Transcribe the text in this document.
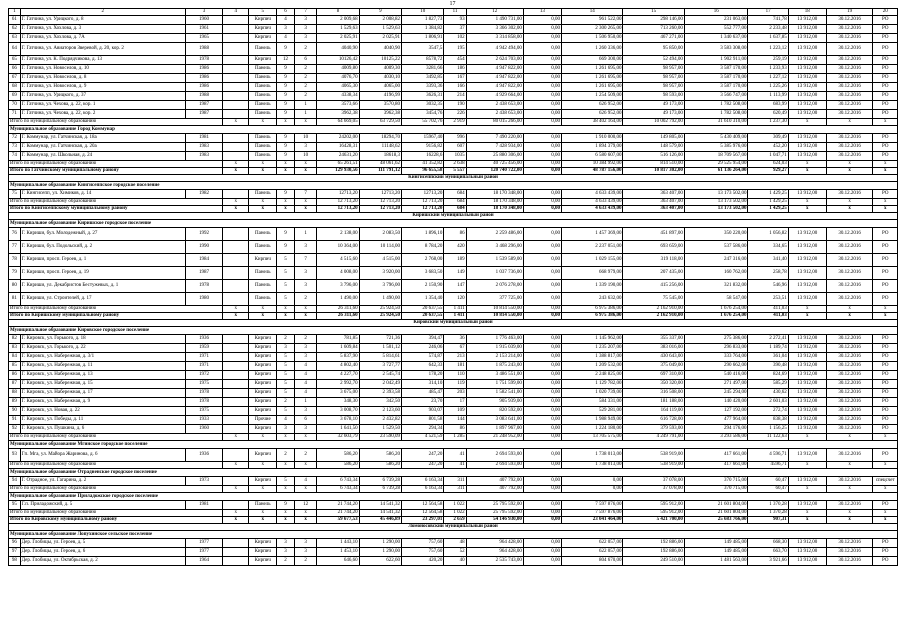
17
1	2	3	4	5	6	7	8	9	10	11	12	13	14	15	16	17	18	19	20
61	Г. Гатчина, ул. Урицкого, д. 8	1960		Кирпич	4	3	2 009,68	2 008,82	1 827,73	93	1 490 731,00	0,00	961 522,00	298 146,00	231 063,00	741,78	13 912,00	30.12.2016	РО
62	Г. Гатчина, ул. Хохлова, д. 3	1961		Кирпич	3	3	1 529,63	1 529,63	1 384,82	37	3 366 302,00	0,00	2 300 265,00	713 260,00	552 777,00	2 233,48	13 912,00	30.12.2016	РО
63	Г. Гатчина, ул. Хохлова, д. 7А	1965		Кирпич	4	3	2 025,91	2 025,91	1 806,91	102	3 314 858,00	0,00	1 506 950,00	467 271,00	1 340 637,00	1 637,85	13 912,00	30.12.2016	РО
64	Г. Гатчина, ул. Авиаторов Зверевой, д. 20, кор. 2	1988		Панель	9	2	4040,90	4040,90	3547,5	195	4 942 494,00	0,00	1 260 336,00	95 850,00	3 583 308,00	1 223,12	13 912,00	30.12.2016	РО
65	Г. Гатчина, ул. К. Подрядчикова, д. 13	1978		Кирпич	12	6	10126,42	10125,22	8578,72	454	2 624 703,00	0,00	669 300,00	52 494,00	1 902 911,00	259,19	13 912,00	30.12.2016	РО
66	Г. Гатчина, ул. Новоселов, д. 10	1986		Панель	9	2	4009,80	4009,30	3281,66	186	4 947 822,00	0,00	1 261 695,00	98 957,00	3 587 170,00	1 233,93	13 912,00	30.12.2016	РО
67	Г. Гатчина, ул. Новоселов, д. 8	1986		Панель	9	2	4076,70	4030,10	3492,85	167	4 947 822,00	0,00	1 261 695,00	98 957,00	3 587 170,00	1 227,12	13 912,00	30.12.2016	РО
68	Г. Гатчина, ул. Новоселов, д. 9	1986		Панель	9	2	4065,30	4065,00	3393,36	166	4 947 822,00	0,00	1 261 695,00	98 957,00	3 587 170,00	1 225,26	13 912,00	30.12.2016	РО
69	Г. Гатчина, ул. Урицкого, д. 37	1988		Панель	9	2	4338,34	4196,99	3626,31	214	4 929 664,00	0,00	1 254 509,00	98 593,00	3 566 747,00	1 113,99	13 912,00	30.12.2016	РО
70	Г. Гатчина, ул. Чехова, д. 22, кор. 1	1987		Панель	9	1	3573,66	3570,80	3032,35	190	2 438 653,00	0,00	626 952,00	49 173,00	1 782 508,00	683,99	13 912,00	30.12.2016	РО
71	Г. Гатчина, ул. Чехова, д. 22, кор. 2	1987		Панель	9	1	3962,38	3962,38	3454,76	226	2 438 653,00	0,00	626 952,00	49 173,00	1 782 508,00	620,49	13 912,00	30.12.2016	РО
Итого по муниципальному образованию			x	x	x	x	64 669,05	63 729,50	55 702,76	2 919	80 015 266,00	0,00	38 402 164,00	10 002 792,00	31 610 310,00	1 237,30	x	x	x
Муниципальное образование Город Коммунар																			
72	Г. Коммунар, ул. Гатчинская, д. 18а	1981		Панель	9	10	24202,00	18294,70	15967,40	996	7 490 220,00	0,00	1 910 000,00	149 805,00	5 430 409,00	309,49	13 912,00	30.12.2016	РО
73	Г. Коммунар, ул. Гатчинская, д. 20а	1983		Панель	9	3	16428,31	11148,62	9156,82	607	7 428 934,00	0,00	1 894 379,00	148 579,00	5 385 976,00	452,20	13 912,00	30.12.2016	РО
74	Г. Коммунар, ул. Школьная, д. 24	1983		Панель	9	10	24631,20	18618,3	16228,6	1035	25 880 306,00	0,00	6 580 607,00	516 126,00	18 709 567,00	1 047,71	13 912,00	30.12.2016	РО
Итого по муниципальному образованию			x	x	x	x	65 261,51	48 061,62	41 352,82	2 638	40 725 456,00	0,00	10 384 992,00	814 510,00	29 525 954,00	624,03	x	x	x
Итого по Гатчинскому муниципальному району			x	x	x	x	129 930,56	111 791,12	96 655,58	5 557	120 740 722,00	0,00	48 787 156,00	10 817 302,00	61 136 264,00	929,27	x	x	x
Кингисеппский муниципальный район																			
Муниципальное образование Кингисеппское городское поселение																			
75	Г. Кингисепп, ул. Химиков, д. 14	1982		Панель	9	7	12713,20	12713,20	12713,20	684	18 170 348,00	0,00	4 633 439,00	363 407,00	13 173 502,00	1 429,25	13 912,00	30.12.2016	РО
Итого по муниципальному образованию			x	x	x	x	12 713,20	12 713,20	12 713,20	684	18 170 348,00	0,00	4 633 439,00	363 407,00	13 173 502,00	1 429,25	x	x	x
Итого по Кингисеппскому муниципальному району			x	x	x	x	12 713,20	12 713,20	12 713,20	684	18 170 348,00	0,00	4 633 439,00	363 407,00	13 173 502,00	1 429,25	x	x	x
Киришский муниципальный район																			
Муниципальное образование Киришское городское поселение																			
76	Г. Кириши, бул. Молодежный, д. 27	1992		Панель	9	1	2 138,00	2 083,50	1 896,10	86	2 259 486,00	0,00	1 457 369,00	451 897,00	350 220,00	1 056,82	13 912,00	30.12.2016	РО
77	Г. Кириши, бул. Подольский, д. 2	1990		Панель	9	3	10 364,00	10 114,00	8 784,20	420	3 468 296,00	0,00	2 237 051,00	693 659,00	537 586,00	334,65	13 912,00	30.12.2016	РО
78	Г. Кириши, просп. Героев, д. 1	1984		Кирпич	5	7	4 515,60	4 515,00	2 768,00	189	1 539 589,00	0,00	1 029 155,00	319 118,00	247 316,00	341,40	13 912,00	30.12.2016	РО
79	Г. Кириши, просп. Героев, д. 19	1987		Панель	5	3	4 008,00	3 920,00	3 683,50	149	1 037 736,00	0,00	668 979,00	207 435,00	160 762,00	258,78	13 912,00	30.12.2016	РО
80	Г. Кириши, ул. Декабристов Бестужевых, д. 1	1978		Панель	5	3	3 796,00	3 796,00	2 150,90	147	2 076 278,00	0,00	1 339 190,00	415 256,00	321 832,00	546,96	13 912,00	30.12.2016	РО
81	Г. Кириши, ул. Строителей, д. 17	1980		Панель	5	2	1 490,00	1 490,00	1 354,40	120	377 725,00	0,00	243 632,00	75 545,00	58 547,00	253,51	13 912,00	30.12.2016	РО
Итого по муниципальному образованию			x	x	x	x	26 311,60	25 924,50	20 637,55	1 411	10 814 550,00	0,00	6 975 386,00	2 162 910,00	1 676 254,00	411,03	x	x	x
Итого по Киришскому муниципальному району			x	x	x	x	26 311,60	25 924,50	20 637,55	1 411	10 814 550,00	0,00	6 975 386,00	2 162 910,00	1 676 254,00	411,03	x	x	x
Кировский муниципальный район																			
Муниципальное образование Кировское городское поселение																			
82	Г. Кировск, ул. Горького, д. 18	1936		Кирпич	2	2	781,85	721,36	394,47	36	1 776 463,00	0,00	1 145 962,00	355 337,00	275 386,00	2 272,41	13 912,00	30.12.2016	РО
83	Г. Кировск, ул. Горького, д. 22	1959		Кирпич	3	3	1 609,84	1 501,12	246,06	67	1 915 039,00	0,00	1 235 207,00	383 016,00	296 833,00	1 189,74	13 912,00	30.12.2016	РО
84	Г. Кировск, ул. Набережная, д. 3/1	1971		Кирпич	5	3	5 837,90	5 814,61	574,87	213	2 153 214,00	0,00	1 388 817,00	430 643,00	333 764,00	361,04	13 912,00	30.12.2016	РО
85	Г. Кировск, ул. Набережная, д. 11	1971		Кирпич	5	4	4 802,40	3 727,77	642,33	181	1 875 243,00	0,00	1 209 532,00	375 049,00	290 662,00	390,48	13 912,00	30.12.2016	РО
86	Г. Кировск, ул. Набережная, д. 13	1972		Кирпич	5	4	4 227,70	2 545,74	178,20	110	3 486 551,00	0,00	2 248 825,00	697 310,00	540 416,00	824,69	13 912,00	30.12.2016	РО
87	Г. Кировск, ул. Набережная, д. 15	1975		Кирпич	5	4	2 992,70	2 042,49	314,10	119	1 751 599,00	0,00	1 129 782,00	350 320,00	271 497,00	585,29	13 912,00	30.12.2016	РО
88	Г. Кировск, ул. Набережная, д. 17	1978		Кирпич	5	4	3 675,00	2 393,58	485,47	203	1 582 541,00	0,00	1 020 739,00	316 508,00	245 294,00	430,62	13 912,00	30.12.2016	РО
89	Г. Кировск, ул. Набережная, д. 9	1978		Кирпич	2	1	348,30	342,50	23,70	17	905 939,00	0,00	584 331,00	181 188,00	140 420,00	2 601,03	13 912,00	30.12.2016	РО
90	Г. Кировск, ул. Новая, д. 22	1975		Кирпич	5	3	3 008,70	2 123,60	903,07	109	820 592,00	0,00	529 281,00	164 119,00	127 192,00	272,74	13 912,00	30.12.2016	РО
91	Г. Кировск, ул. Победы, д. 11	1933		Прочие	4	6	3 678,10	2 432,82	801,58	144	3 083 641,00	0,00	1 988 949,00	616 728,00	477 964,00	838,38	13 912,00	30.12.2016	РО
92	Г. Кировск, ул. Пушкина, д. 6	1960		Кирпич	3	3	1 641,50	1 529,50	294,34	86	1 897 967,00	0,00	1 224 180,00	379 593,00	294 176,00	1 156,25	13 912,00	30.12.2016	РО
Итого по муниципальному образованию			x	x	x	x	32 603,79	23 590,09	4 521,59	1 285	21 248 952,00	0,00	13 705 575,00	4 249 791,00	3 293 586,00	11 122,63	x	x	x
Муниципальное образование Мгинское городское поселение																			
93	Гп. Мга, ул. Майора Жаринова, д. 6	1936		Кирпич	2	2	586,20	586,20	247,20	41	2 694 593,00	0,00	1 738 013,00	538 919,00	417 661,00	4 596,71	13 912,00	30.12.2016	РО
Итого по муниципальному образованию			x	x	x	x	586,20	586,20	247,20	41	2 694 593,00	0,00	1 738 013,00	538 919,00	417 661,00	4596,71	x	x	x
Муниципальное образование Отрадненское городское поселение																			
94	Г. Отрадное, ул. Гагарина, д. 2	1973		Кирпич	5	4	6 743,34	6 739,28	6 163,34	311	407 792,00	0,00	0,00	37 078,00	370 715,00	60,47	13 912,00	30.12.2016	спецсчет
Итого по муниципальному образованию			x	x	x	x	6 743,34	6 739,28	6 163,34	311	407 792,00	0,00	0,00	37 078,00	370 715,00	60,47	x	x	x
Муниципальное образование Приладожское городское поселение																			
95	Г.п. Приладожский, д. 5	1981		Панель	9	12	21 744,20	14 541,32	12 564,58	1 022	25 795 592,00	0,00	7 597 876,00	595 912,00	21 601 804,00	1 370,28	13 912,00	30.12.2016	РО
Итого по муниципальному образованию			x	x	x	x	21 744,20	14 541,32	12 564,58	1 022	25 795 592,00	0,00	7 597 876,00	595 912,00	21 601 804,00	1 370,28	x	x	x
Итого по Кировскому муниципальному району			x	x	x	x	59 677,53	45 446,89	23 297,01	2 659	54 146 930,00	0,00	23 041 464,00	5 421 700,00	25 683 766,00	907,31	x	x	x
Ломоносовский муниципальный район																			
Муниципальное образование Лопухинское сельское поселение																			
96	Дер. Глобицы, ул. Героев, д. 5	1977		Кирпич	3	3	1 443,10	1 290,00	757,60	48	964 428,00	0,00	622 057,00	192 886,00	149 485,00	668,30	13 912,00	30.12.2016	РО
97	Дер. Глобицы, ул. Героев, д. 6	1977		Кирпич	3	3	1 453,10	1 290,00	757,60	52	964 428,00	0,00	622 057,00	192 886,00	149 485,00	663,70	13 912,00	30.12.2016	РО
98	Дер. Глобицы, ул. Октябрьская, д. 2	1964		Кирпич	2	2	646,60	622,60	420,20	40	2 535 743,00	0,00	804 670,00	249 510,00	1 481 563,00	3 921,66	13 912,00	30.12.2016	РО
